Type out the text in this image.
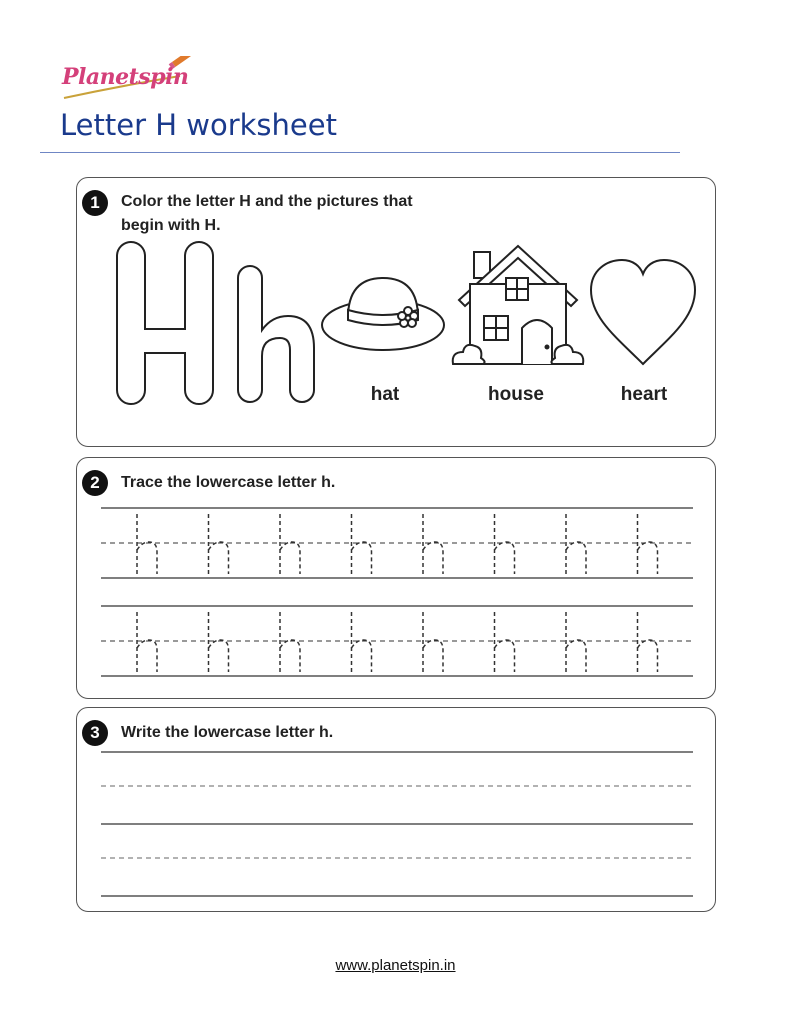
Planetspin
Letter H worksheet
1	Color the letter H and the pictures that begin with H.
hat	house	heart
2	Trace the lowercase letter h.
3	Write the lowercase letter h.
www.planetspin.in
